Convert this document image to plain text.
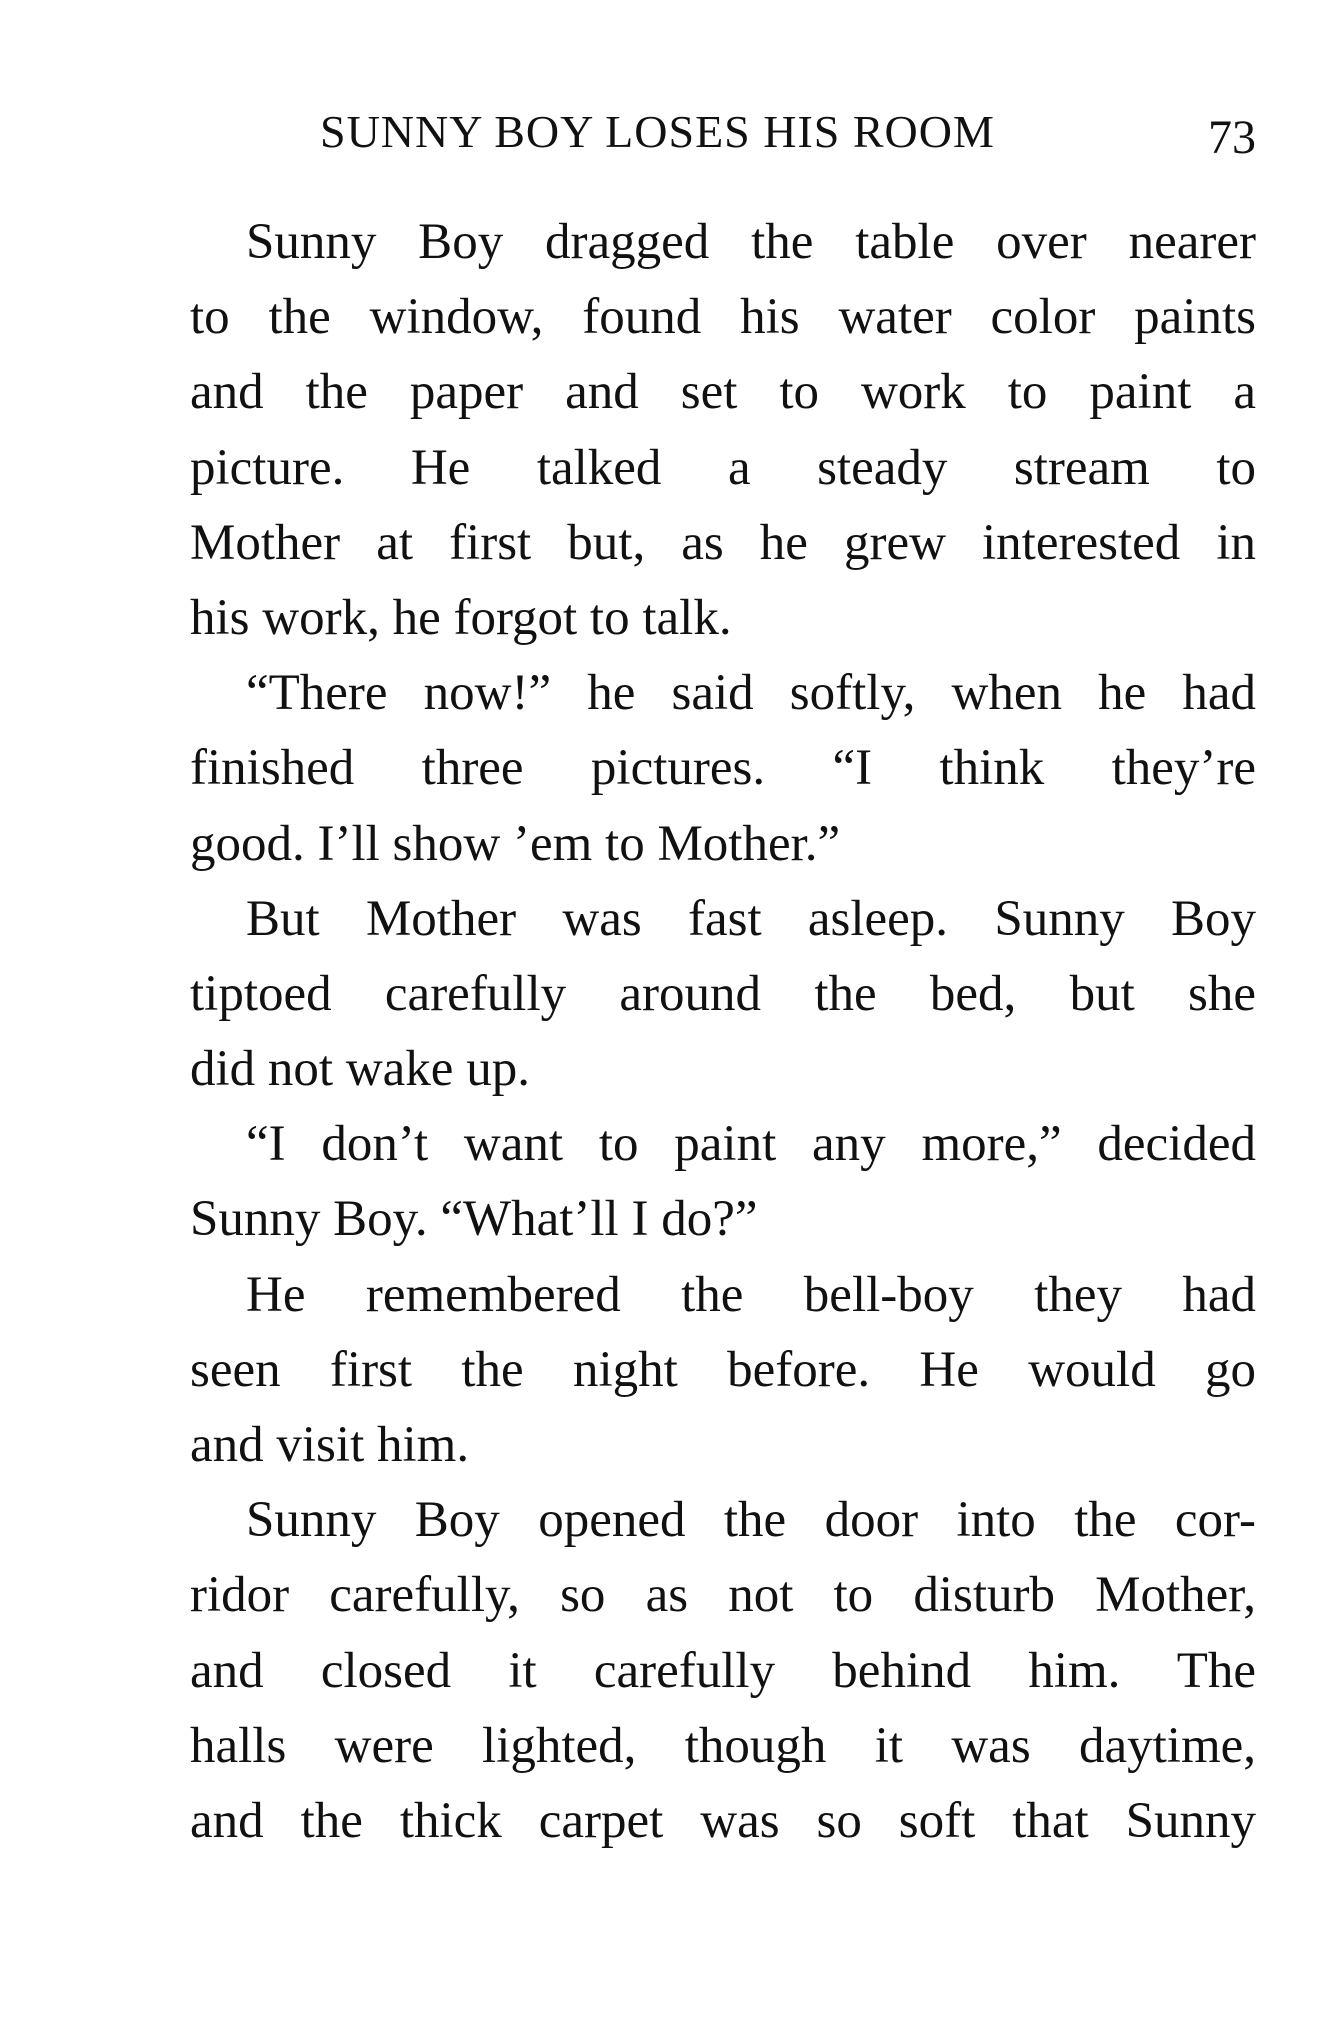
SUNNY BOY LOSES HIS ROOM	73
Sunny Boy dragged the table over nearer
to the window, found his water color paints
and the paper and set to work to paint a
picture. He talked a steady stream to
Mother at first but, as he grew interested in
his work, he forgot to talk.
“There now!” he said softly, when he had
finished three pictures. “I think they’re
good. I’ll show ’em to Mother.”
But Mother was fast asleep. Sunny Boy
tiptoed carefully around the bed, but she
did not wake up.
“I don’t want to paint any more,” decided
Sunny Boy. “What’ll I do?”
He remembered the bell-boy they had
seen first the night before. He would go
and visit him.
Sunny Boy opened the door into the cor-
ridor carefully, so as not to disturb Mother,
and closed it carefully behind him. The
halls were lighted, though it was daytime,
and the thick carpet was so soft that Sunny
